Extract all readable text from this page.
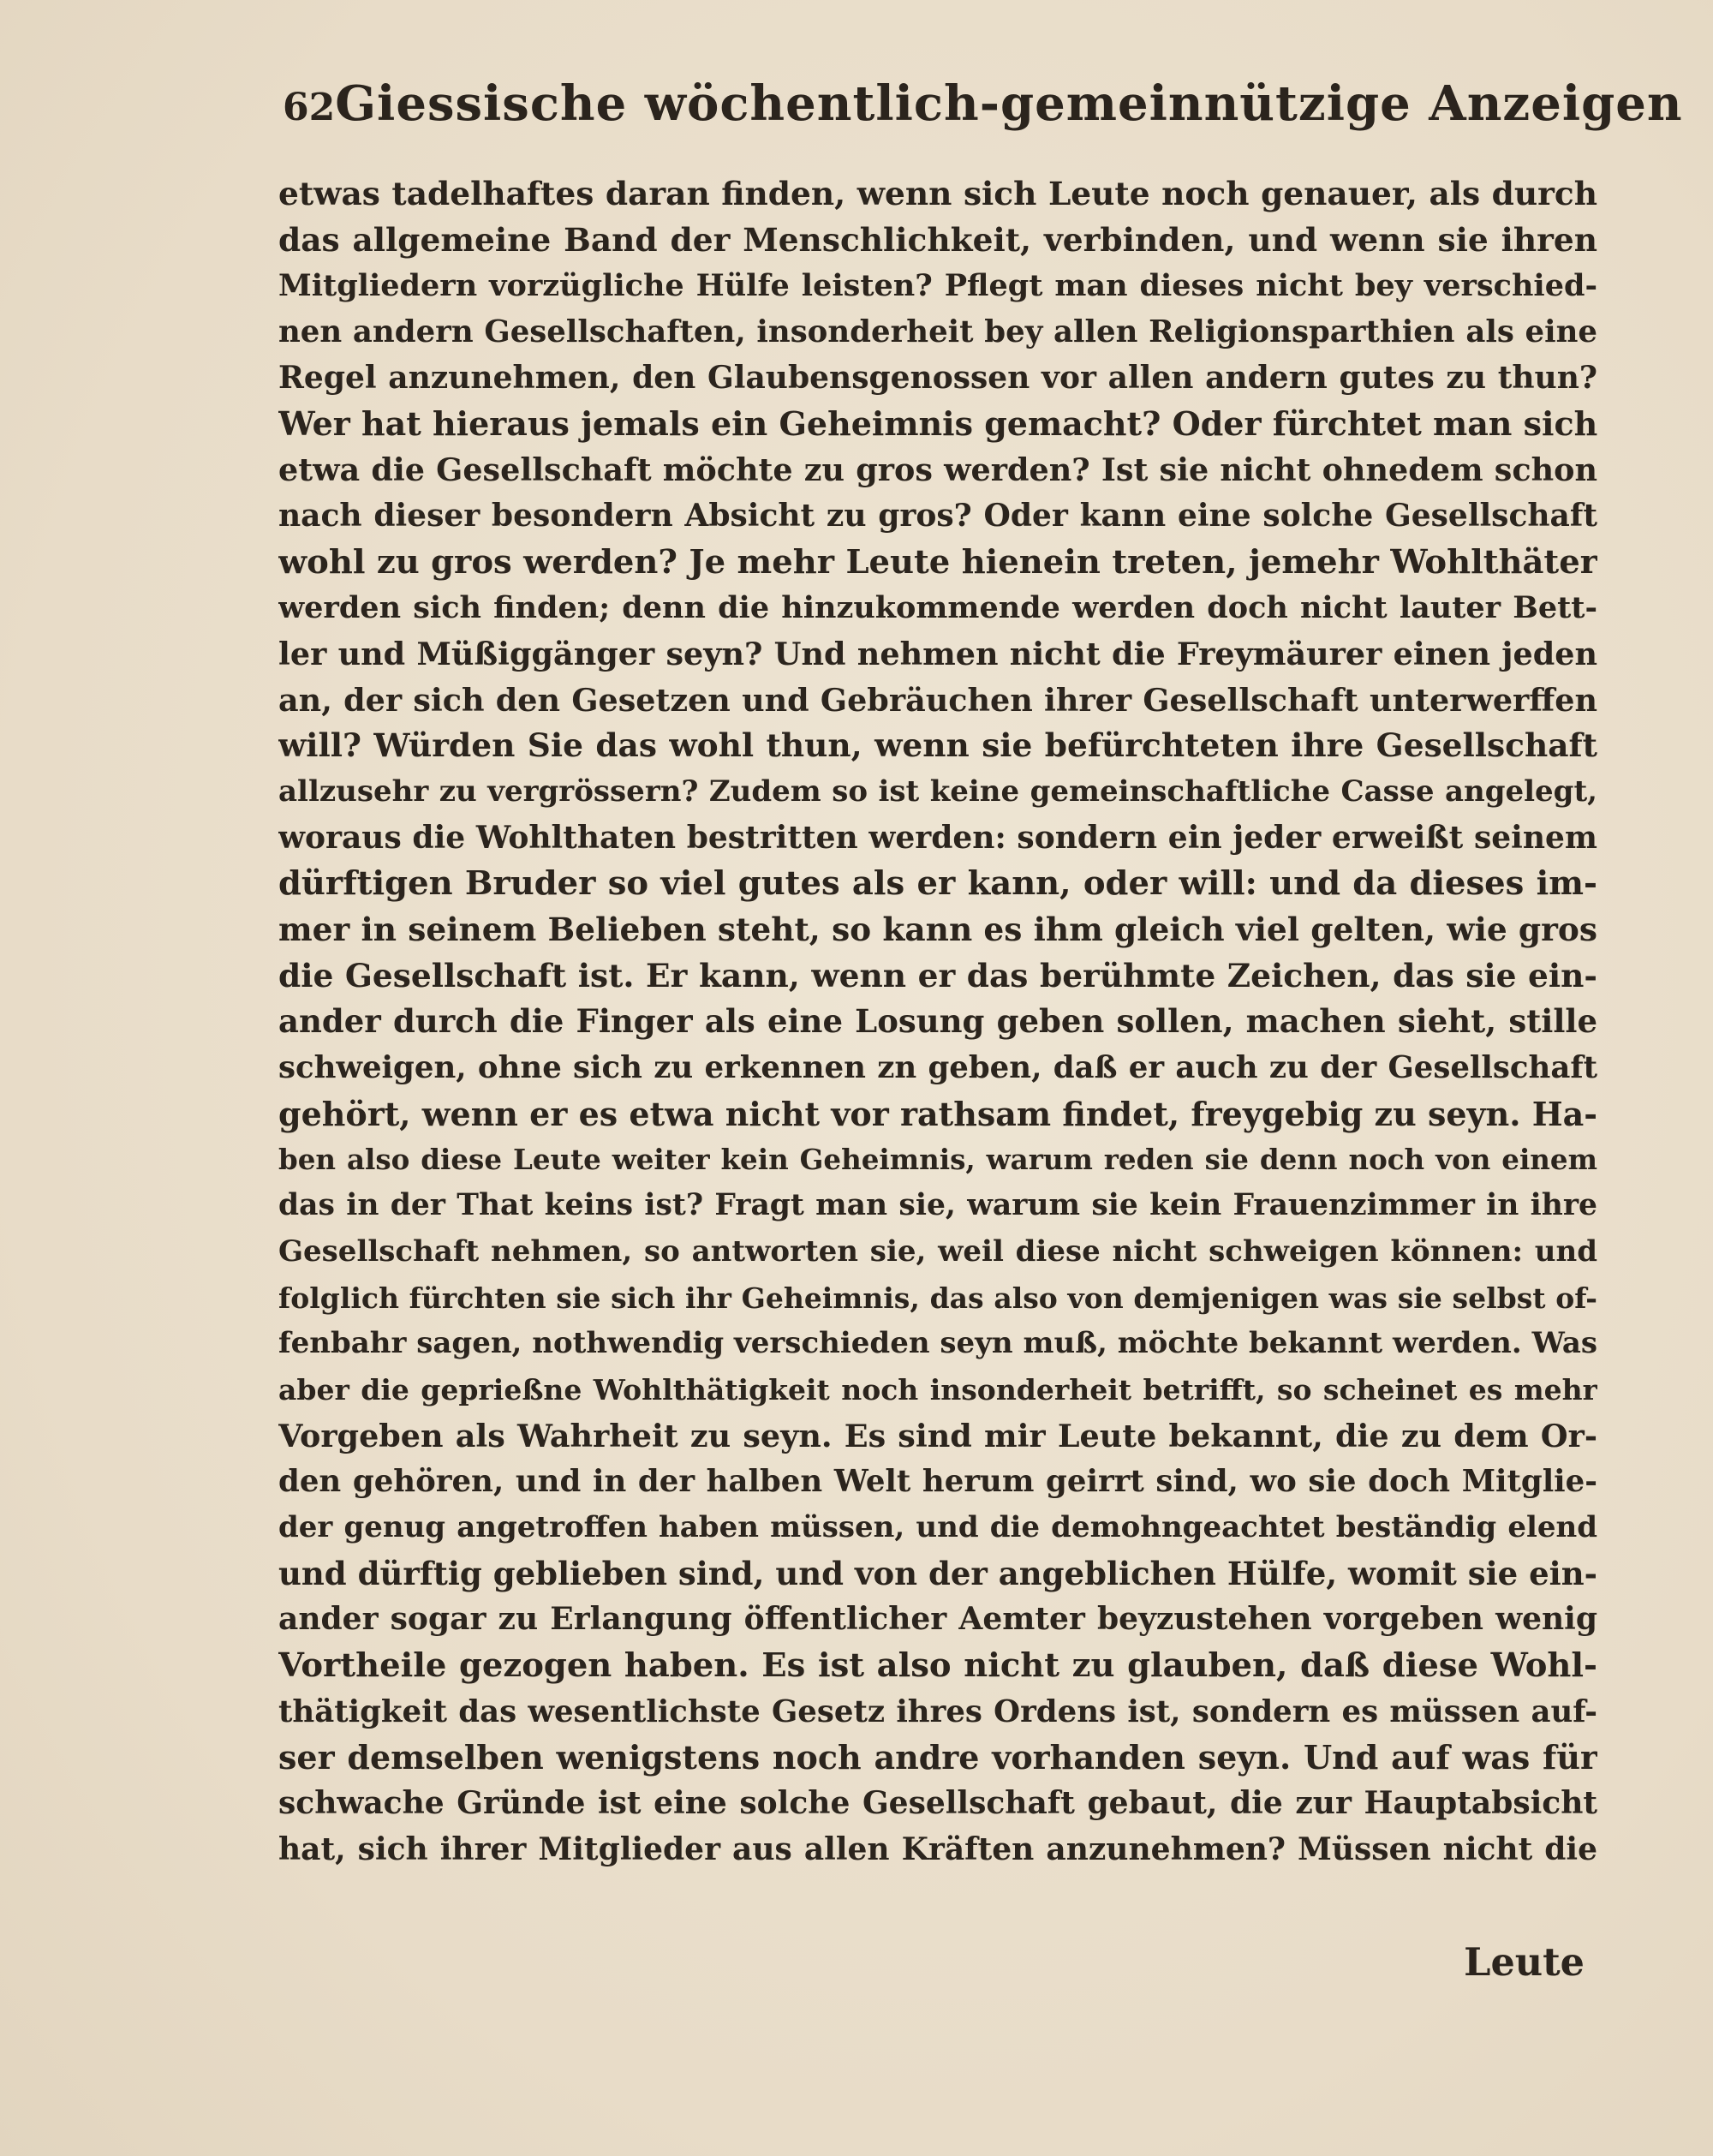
62 Giessische wöchentlich-gemeinnützige Anzeigen
etwas tadelhaftes daran finden, wenn sich Leute noch genauer, als durch
das allgemeine Band der Menschlichkeit, verbinden, und wenn sie ihren
Mitgliedern vorzügliche Hülfe leisten? Pflegt man dieses nicht bey verschied-
nen andern Gesellschaften, insonderheit bey allen Religionsparthien als eine
Regel anzunehmen, den Glaubensgenossen vor allen andern gutes zu thun?
Wer hat hieraus jemals ein Geheimnis gemacht? Oder fürchtet man sich
etwa die Gesellschaft möchte zu gros werden? Ist sie nicht ohnedem schon
nach dieser besondern Absicht zu gros? Oder kann eine solche Gesellschaft
wohl zu gros werden? Je mehr Leute hienein treten, jemehr Wohlthäter
werden sich finden; denn die hinzukommende werden doch nicht lauter Bett-
ler und Müßiggänger seyn? Und nehmen nicht die Freymäurer einen jeden
an, der sich den Gesetzen und Gebräuchen ihrer Gesellschaft unterwerffen
will? Würden Sie das wohl thun, wenn sie befürchteten ihre Gesellschaft
allzusehr zu vergrössern? Zudem so ist keine gemeinschaftliche Casse angelegt,
woraus die Wohlthaten bestritten werden: sondern ein jeder erweißt seinem
dürftigen Bruder so viel gutes als er kann, oder will: und da dieses im-
mer in seinem Belieben steht, so kann es ihm gleich viel gelten, wie gros
die Gesellschaft ist. Er kann, wenn er das berühmte Zeichen, das sie ein-
ander durch die Finger als eine Losung geben sollen, machen sieht, stille
schweigen, ohne sich zu erkennen zn geben, daß er auch zu der Gesellschaft
gehört, wenn er es etwa nicht vor rathsam findet, freygebig zu seyn. Ha-
ben also diese Leute weiter kein Geheimnis, warum reden sie denn noch von einem
das in der That keins ist? Fragt man sie, warum sie kein Frauenzimmer in ihre
Gesellschaft nehmen, so antworten sie, weil diese nicht schweigen können: und
folglich fürchten sie sich ihr Geheimnis, das also von demjenigen was sie selbst of-
fenbahr sagen, nothwendig verschieden seyn muß, möchte bekannt werden. Was
aber die geprießne Wohlthätigkeit noch insonderheit betrifft, so scheinet es mehr
Vorgeben als Wahrheit zu seyn. Es sind mir Leute bekannt, die zu dem Or-
den gehören, und in der halben Welt herum geirrt sind, wo sie doch Mitglie-
der genug angetroffen haben müssen, und die demohngeachtet beständig elend
und dürftig geblieben sind, und von der angeblichen Hülfe, womit sie ein-
ander sogar zu Erlangung öffentlicher Aemter beyzustehen vorgeben wenig
Vortheile gezogen haben. Es ist also nicht zu glauben, daß diese Wohl-
thätigkeit das wesentlichste Gesetz ihres Ordens ist, sondern es müssen auf-
ser demselben wenigstens noch andre vorhanden seyn. Und auf was für
schwache Gründe ist eine solche Gesellschaft gebaut, die zur Hauptabsicht
hat, sich ihrer Mitglieder aus allen Kräften anzunehmen? Müssen nicht die
Leute
